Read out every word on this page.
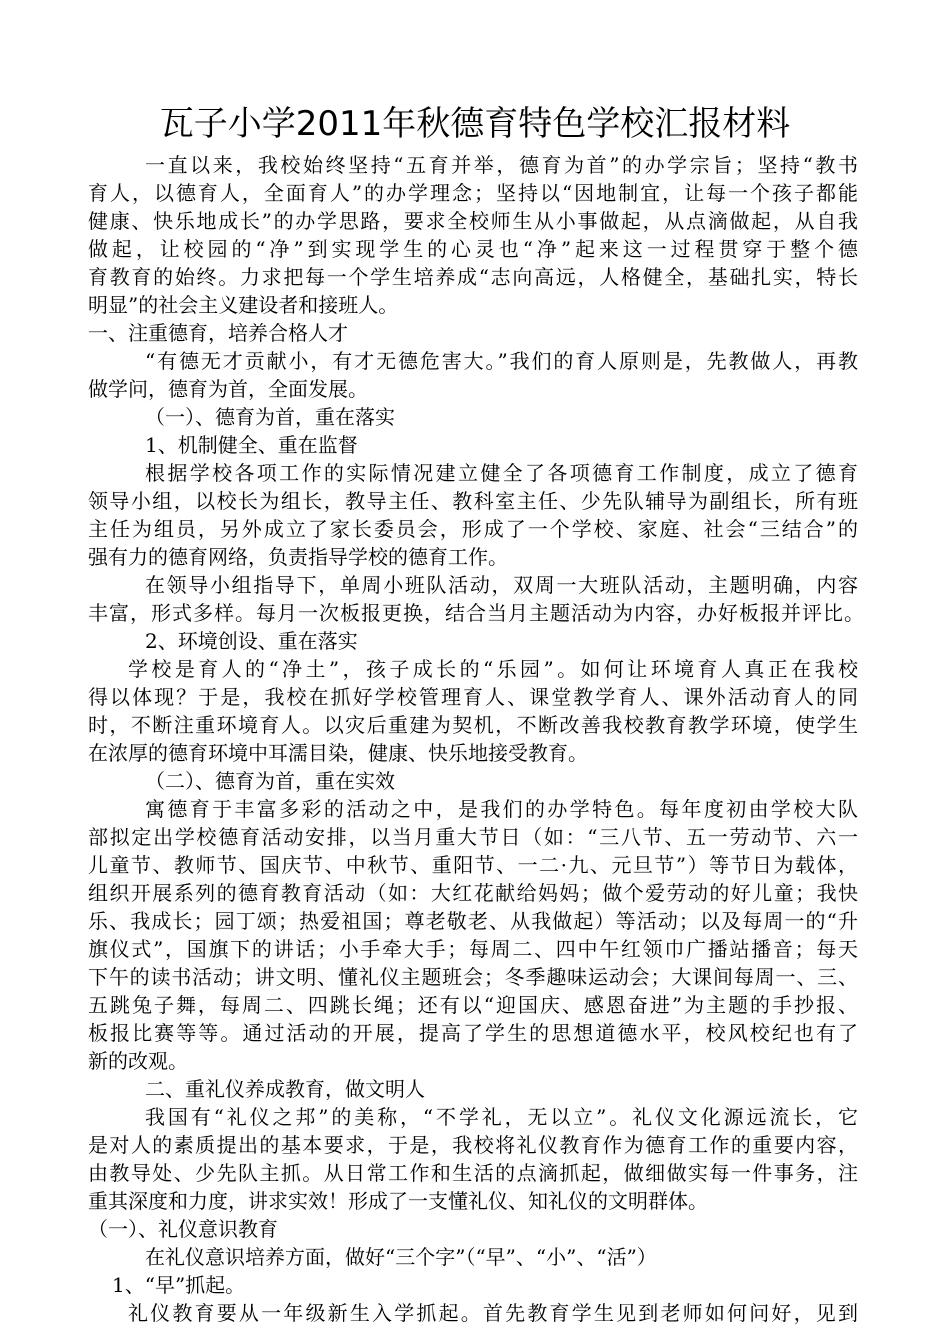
瓦子小学2011年秋德育特色学校汇报材料
一直以来，我校始终坚持“五育并举，德育为首”的办学宗旨；坚持“教书
育人，以德育人，全面育人”的办学理念；坚持以“因地制宜，让每一个孩子都能
健康、快乐地成长”的办学思路，要求全校师生从小事做起，从点滴做起，从自我
做起，让校园的“净”到实现学生的心灵也“净”起来这一过程贯穿于整个德
育教育的始终。力求把每一个学生培养成“志向高远，人格健全，基础扎实，特长
明显”的社会主义建设者和接班人。
一、注重德育，培养合格人才
“有德无才贡献小，有才无德危害大。”我们的育人原则是，先教做人，再教
做学问，德育为首，全面发展。
（一）、德育为首，重在落实
1、机制健全、重在监督
根据学校各项工作的实际情况建立健全了各项德育工作制度，成立了德育
领导小组，以校长为组长，教导主任、教科室主任、少先队辅导为副组长，所有班
主任为组员，另外成立了家长委员会，形成了一个学校、家庭、社会“三结合”的
强有力的德育网络，负责指导学校的德育工作。
在领导小组指导下，单周小班队活动，双周一大班队活动，主题明确，内容
丰富，形式多样。每月一次板报更换，结合当月主题活动为内容，办好板报并评比。
2、环境创设、重在落实
学校是育人的“净土”，孩子成长的“乐园”。如何让环境育人真正在我校
得以体现？于是，我校在抓好学校管理育人、课堂教学育人、课外活动育人的同
时，不断注重环境育人。以灾后重建为契机，不断改善我校教育教学环境，使学生
在浓厚的德育环境中耳濡目染，健康、快乐地接受教育。
（二）、德育为首，重在实效
寓德育于丰富多彩的活动之中，是我们的办学特色。每年度初由学校大队
部拟定出学校德育活动安排，以当月重大节日（如：“三八节、五一劳动节、六一
儿童节、教师节、国庆节、中秋节、重阳节、一二·九、元旦节”）等节日为载体，
组织开展系列的德育教育活动（如：大红花献给妈妈；做个爱劳动的好儿童；我快
乐、我成长；园丁颂；热爱祖国；尊老敬老、从我做起）等活动；以及每周一的“升
旗仪式”，国旗下的讲话；小手牵大手；每周二、四中午红领巾广播站播音；每天
下午的读书活动；讲文明、懂礼仪主题班会；冬季趣味运动会；大课间每周一、三、
五跳兔子舞，每周二、四跳长绳；还有以“迎国庆、感恩奋进”为主题的手抄报、
板报比赛等等。通过活动的开展，提高了学生的思想道德水平，校风校纪也有了
新的改观。
二、重礼仪养成教育，做文明人
我国有“礼仪之邦”的美称，“不学礼，无以立”。礼仪文化源远流长，它
是对人的素质提出的基本要求，于是，我校将礼仪教育作为德育工作的重要内容，
由教导处、少先队主抓。从日常工作和生活的点滴抓起，做细做实每一件事务，注
重其深度和力度，讲求实效！形成了一支懂礼仪、知礼仪的文明群体。
（一）、礼仪意识教育
在礼仪意识培养方面，做好“三个字”（“早”、“小”、“活”）
1、“早”抓起。
礼仪教育要从一年级新生入学抓起。首先教育学生见到老师如何问好，见到
